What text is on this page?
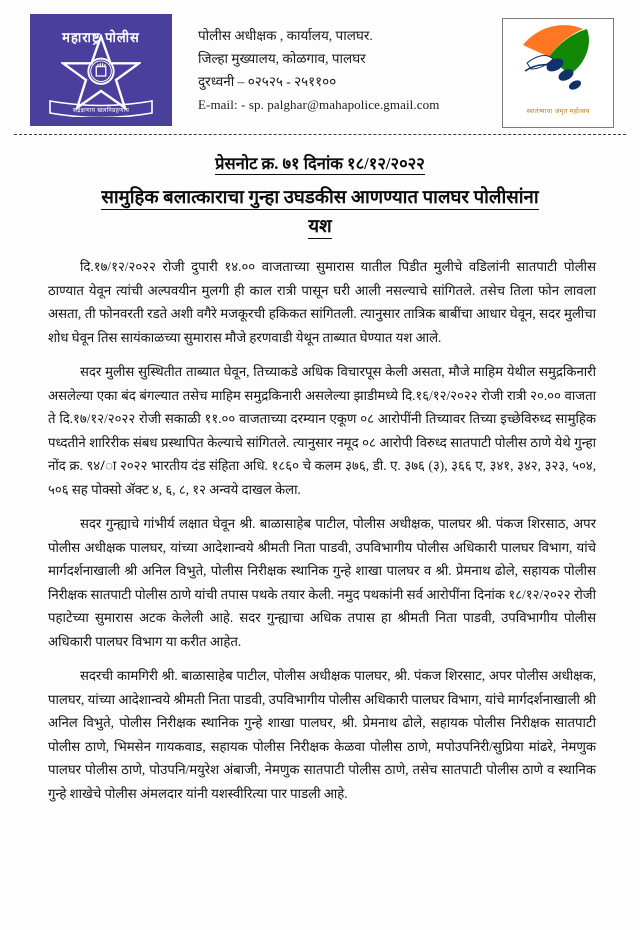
महाराष्ट्र पोलीस
सद्रक्षणाय खलनिग्रहणाय
पोलीस अधीक्षक , कार्यालय, पालघर.
जिल्हा मुख्यालय, कोळगाव, पालघर
दुरध्वनी – ०२५२५ - २५११००
E-mail: - sp. palghar@mahapolice.gmail.com	स्वातंत्र्याचा अमृत महोत्सव
प्रेसनोट क्र. ७१ दिनांक १८/१२/२०२२
सामुहिक बलात्काराचा गुन्हा उघडकीस आणण्यात पालघर पोलीसांना
यश

दि.१७/१२/२०२२ रोजी दुपारी १४.०० वाजताच्या सुमारास यातील पिडीत मुलीचे वडिलांनी सातपाटी पोलीस ठाण्यात येवून त्यांची अल्पवयीन मुलगी ही काल रात्री पासून घरी आली नसल्याचे सांगितले. तसेच तिला फोन लावला असता, ती फोनवरती रडते अशी वगैरे मजकूरची हकिकत सांगितली. त्यानुसार तात्रिक बाबींचा आधार घेवून, सदर मुलीचा शोध घेवून तिस सायंकाळच्या सुमारास मौजे हरणवाडी येथून ताब्यात घेण्यात यश आले.

सदर मुलीस सुस्थितीत ताब्यात घेवून, तिच्याकडे अधिक विचारपूस केली असता, मौजे माहिम येथील समुद्रकिनारी असलेल्या एका बंद बंगल्यात तसेच माहिम समुद्रकिनारी असलेल्या झाडीमध्ये दि.१६/१२/२०२२ रोजी रात्री २०.०० वाजता ते दि.१७/१२/२०२२ रोजी सकाळी ११.०० वाजताच्या दरम्यान एकूण ०८ आरोपींनी तिच्यावर तिच्या इच्छेविरुध्द सामुहिक पध्दतीने शारिरीक संबध प्रस्थापित केल्याचे सांगितले. त्यानुसार नमूद ०८ आरोपी विरुध्द सातपाटी पोलीस ठाणे येथे गुन्हा नोंद क्र. ९४/ा २०२२ भारतीय दंड संहिता अधि. १८६० चे कलम ३७६, डी. ए. ३७६ (३), ३६६ ए, ३४१, ३४२, ३२३, ५०४, ५०६ सह पोक्सो ॲक्ट ४, ६, ८, १२ अन्वये दाखल केला.

सदर गुन्ह्याचे गांभीर्य लक्षात घेवून श्री. बाळासाहेब पाटील, पोलीस अधीक्षक, पालघर श्री. पंकज शिरसाठ, अपर पोलीस अधीक्षक पालघर, यांच्या आदेशान्वये श्रीमती निता पाडवी, उपविभागीय पोलीस अधिकारी पालघर विभाग, यांचे मार्गदर्शनाखाली श्री अनिल विभुते, पोलीस निरीक्षक स्थानिक गुन्हे शाखा पालघर व श्री. प्रेमनाथ ढोले, सहायक पोलीस निरीक्षक सातपाटी पोलीस ठाणे यांची तपास पथके तयार केली. नमुद पथकांनी सर्व आरोपींना दिनांक १८/१२/२०२२ रोजी पहाटेच्या सुमारास अटक केलेली आहे. सदर गुन्ह्याचा अधिक तपास हा श्रीमती निता पाडवी, उपविभागीय पोलीस अधिकारी पालघर विभाग या करीत आहेत.

सदरची कामगिरी श्री. बाळासाहेब पाटील, पोलीस अधीक्षक पालघर, श्री. पंकज शिरसाट, अपर पोलीस अधीक्षक, पालघर, यांच्या आदेशान्वये श्रीमती निता पाडवी, उपविभागीय पोलीस अधिकारी पालघर विभाग, यांचे मार्गदर्शनाखाली श्री अनिल विभुते, पोलीस निरीक्षक स्थानिक गुन्हे शाखा पालघर, श्री. प्रेमनाथ ढोले, सहायक पोलीस निरीक्षक सातपाटी पोलीस ठाणे, भिमसेन गायकवाड, सहायक पोलीस निरीक्षक केळवा पोलीस ठाणे, मपोउपनिरी/सुप्रिया मांढरे, नेमणुक पालघर पोलीस ठाणे, पोउपनि/मयुरेश अंबाजी, नेमणुक सातपाटी पोलीस ठाणे, तसेच सातपाटी पोलीस ठाणे व स्थानिक गुन्हे शाखेचे पोलीस अंमलदार यांनी यशस्वीरित्या पार पाडली आहे.
